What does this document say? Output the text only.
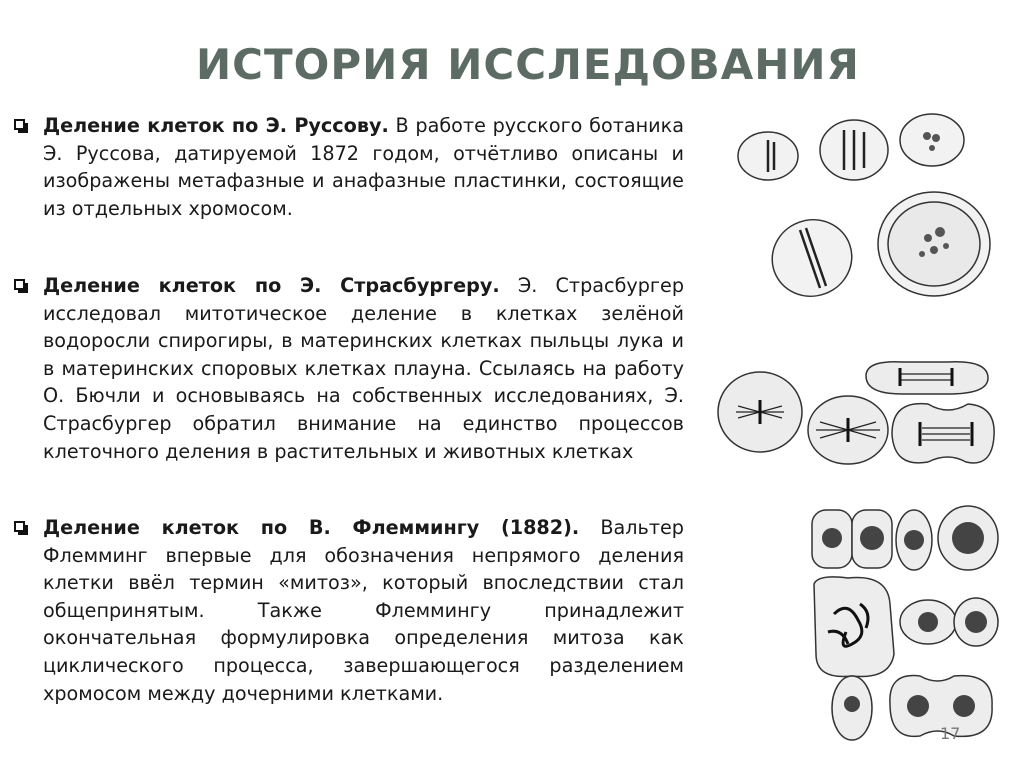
ИСТОРИЯ ИССЛЕДОВАНИЯ

Деление клеток по Э. Руссову. В работе русского ботаника Э. Руссова, датируемой 1872 годом, отчётливо описаны и изображены метафазные и анафазные пластинки, состоящие из отдельных хромосом.

Деление клеток по Э. Страсбургеру. Э. Страсбургер исследовал митотическое деление в клетках зелёной водоросли спирогиры, в материнских клетках пыльцы лука и в материнских споровых клетках плауна. Ссылаясь на работу О. Бючли и основываясь на собственных исследованиях, Э. Страсбургер обратил внимание на единство процессов клеточного деления в растительных и животных клетках

Деление клеток по В. Флеммингу (1882). Вальтер Флемминг впервые для обозначения непрямого деления клетки ввёл термин «митоз», который впоследствии стал общепринятым. Также Флеммингу принадлежит окончательная формулировка определения митоза как циклического процесса, завершающегося разделением хромосом между дочерними клетками.

17
